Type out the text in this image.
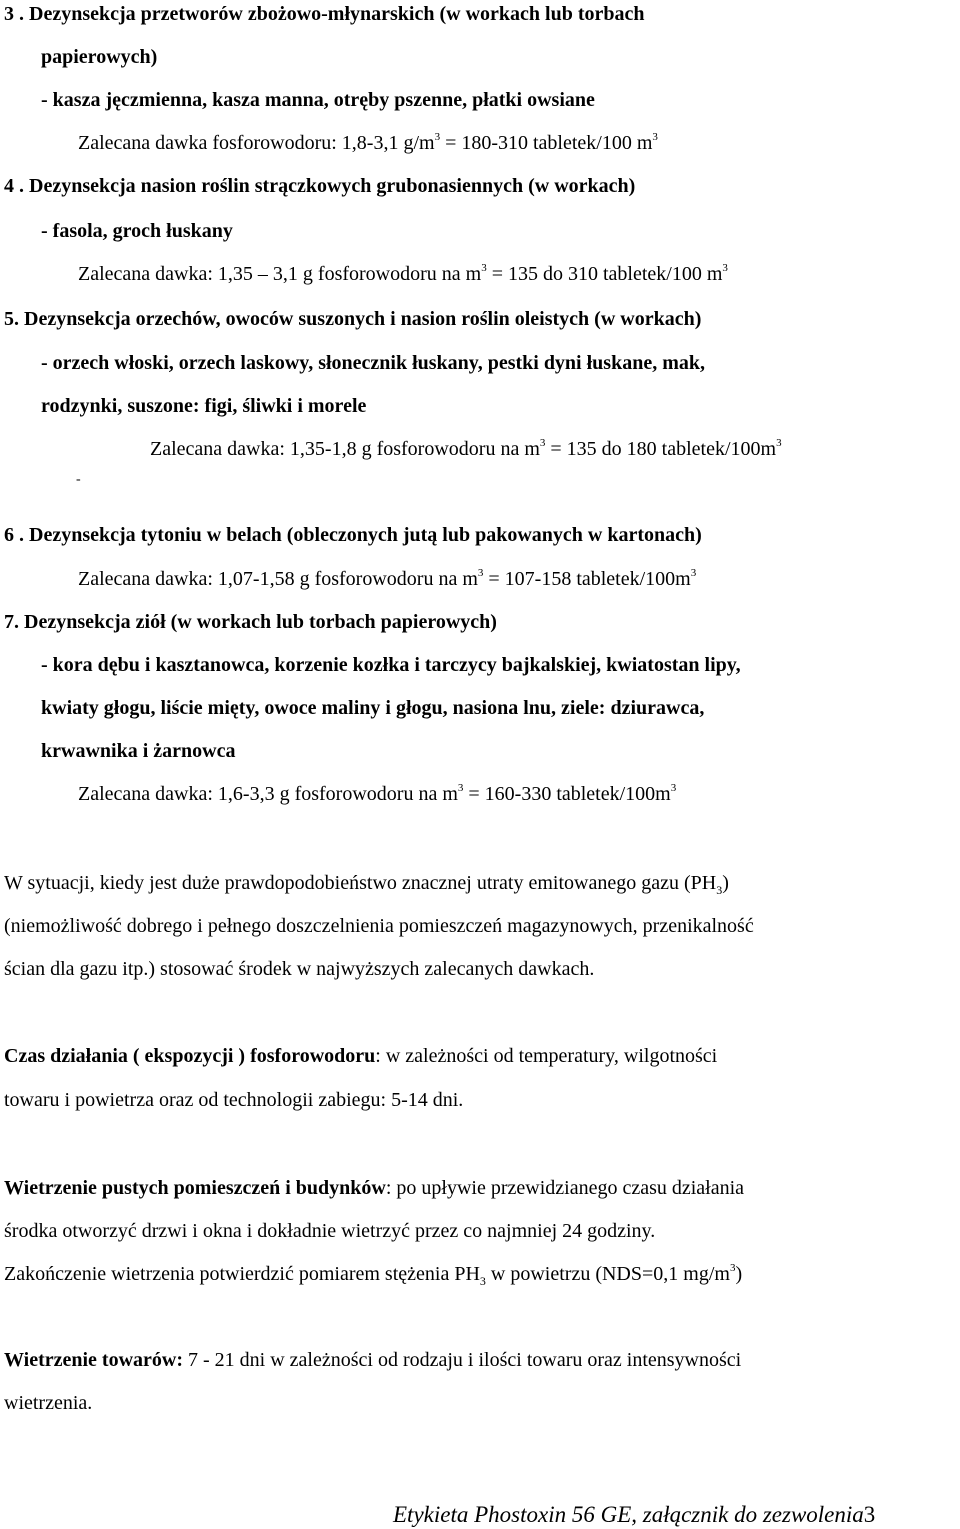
3 . Dezynsekcja przetworów zbożowo-młynarskich (w workach lub torbach
papierowych)
- kasza jęczmienna, kasza manna, otręby pszenne, płatki owsiane
Zalecana dawka fosforowodoru: 1,8-3,1 $g/m^3 = 180-310$ tabletek/100 $m^3$
4 . Dezynsekcja nasion roślin strączkowych grubonasiennych (w workach)
- fasola, groch łuskany
Zalecana dawka: 1,35 – 3,1 g fosforowodoru na $m^3 = 135$ do 310 tabletek/100 $m^3$
5. Dezynsekcja orzechów, owoców suszonych i nasion roślin oleistych (w workach)
- orzech włoski, orzech laskowy, słonecznik łuskany, pestki dyni łuskane, mak,
rodzynki, suszone: figi, śliwki i morele
Zalecana dawka: 1,35-1,8 g fosforowodoru na $m^3 = 135$ do 180 tabletek/$100m^3$
-
6 . Dezynsekcja tytoniu w belach (obleczonych jutą lub pakowanych w kartonach)
Zalecana dawka: 1,07-1,58 g fosforowodoru na $m^3 = 107-158$ tabletek/$100m^3$
7. Dezynsekcja ziół (w workach lub torbach papierowych)
- kora dębu i kasztanowca, korzenie kozłka i tarczycy bajkalskiej, kwiatostan lipy,
kwiaty głogu, liście mięty, owoce maliny i głogu, nasiona lnu, ziele: dziurawca,
krwawnika i żarnowca
Zalecana dawka: 1,6-3,3 g fosforowodoru na $m^3 = 160-330$ tabletek/$100m^3$
W sytuacji, kiedy jest duże prawdopodobieństwo znacznej utraty emitowanego gazu $(PH_3)$
(niemożliwość dobrego i pełnego doszczelnienia pomieszczeń magazynowych, przenikalność
ścian dla gazu itp.) stosować środek w najwyższych zalecanych dawkach.
Czas działania ( ekspozycji ) fosforowodoru: w zależności od temperatury, wilgotności
towaru i powietrza oraz od technologii zabiegu: 5-14 dni.
Wietrzenie pustych pomieszczeń i budynków: po upływie przewidzianego czasu działania
środka otworzyć drzwi i okna i dokładnie wietrzyć przez co najmniej 24 godziny.
Zakończenie wietrzenia potwierdzić pomiarem stężenia $PH_3$ w powietrzu (NDS=0,1 $mg/m^3$)
Wietrzenie towarów: 7 - 21 dni w zależności od rodzaju i ilości towaru oraz intensywności
wietrzenia.
Etykieta Phostoxin 56 GE, załącznik do zezwolenia3
